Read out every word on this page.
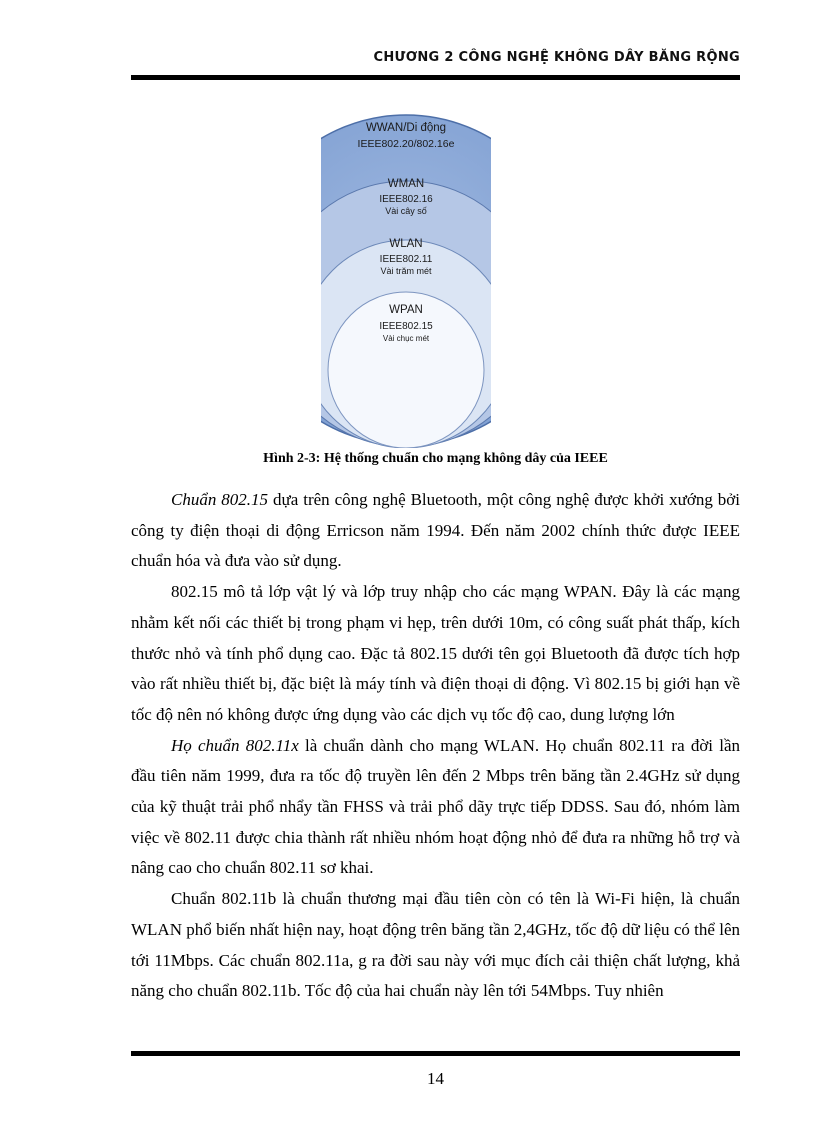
CHƯƠNG 2 CÔNG NGHỆ KHÔNG DÂY BĂNG RỘNG
WWAN/Di động
IEEE802.20/802.16e
WMAN
IEEE802.16
Vài cây số
WLAN
IEEE802.11
Vài trăm mét
WPAN
IEEE802.15
Vài chục mét
Hình 2-3: Hệ thống chuẩn cho mạng không dây của IEEE

Chuẩn 802.15 dựa trên công nghệ Bluetooth, một công nghệ được khởi xướng bởi công ty điện thoại di động Erricson năm 1994. Đến năm 2002 chính thức được IEEE chuẩn hóa và đưa vào sử dụng.

802.15 mô tả lớp vật lý và lớp truy nhập cho các mạng WPAN. Đây là các mạng nhằm kết nối các thiết bị trong phạm vi hẹp, trên dưới 10m, có công suất phát thấp, kích thước nhỏ và tính phổ dụng cao. Đặc tả 802.15 dưới tên gọi Bluetooth đã được tích hợp vào rất nhiều thiết bị, đặc biệt là máy tính và điện thoại di động. Vì 802.15 bị giới hạn về tốc độ nên nó không được ứng dụng vào các dịch vụ tốc độ cao, dung lượng lớn

Họ chuẩn 802.11x là chuẩn dành cho mạng WLAN. Họ chuẩn 802.11 ra đời lần đầu tiên năm 1999, đưa ra tốc độ truyền lên đến 2 Mbps trên băng tần 2.4GHz sử dụng của kỹ thuật trải phổ nhẩy tần FHSS và trải phổ dãy trực tiếp DDSS. Sau đó, nhóm làm việc về 802.11 được chia thành rất nhiều nhóm hoạt động nhỏ để đưa ra những hỗ trợ và nâng cao cho chuẩn 802.11 sơ khai.

Chuẩn 802.11b là chuẩn thương mại đầu tiên còn có tên là Wi-Fi hiện, là chuẩn WLAN phổ biến nhất hiện nay, hoạt động trên băng tần 2,4GHz, tốc độ dữ liệu có thể lên tới 11Mbps. Các chuẩn 802.11a, g ra đời sau này với mục đích cải thiện chất lượng, khả năng cho chuẩn 802.11b. Tốc độ của hai chuẩn này lên tới 54Mbps. Tuy nhiên

14
